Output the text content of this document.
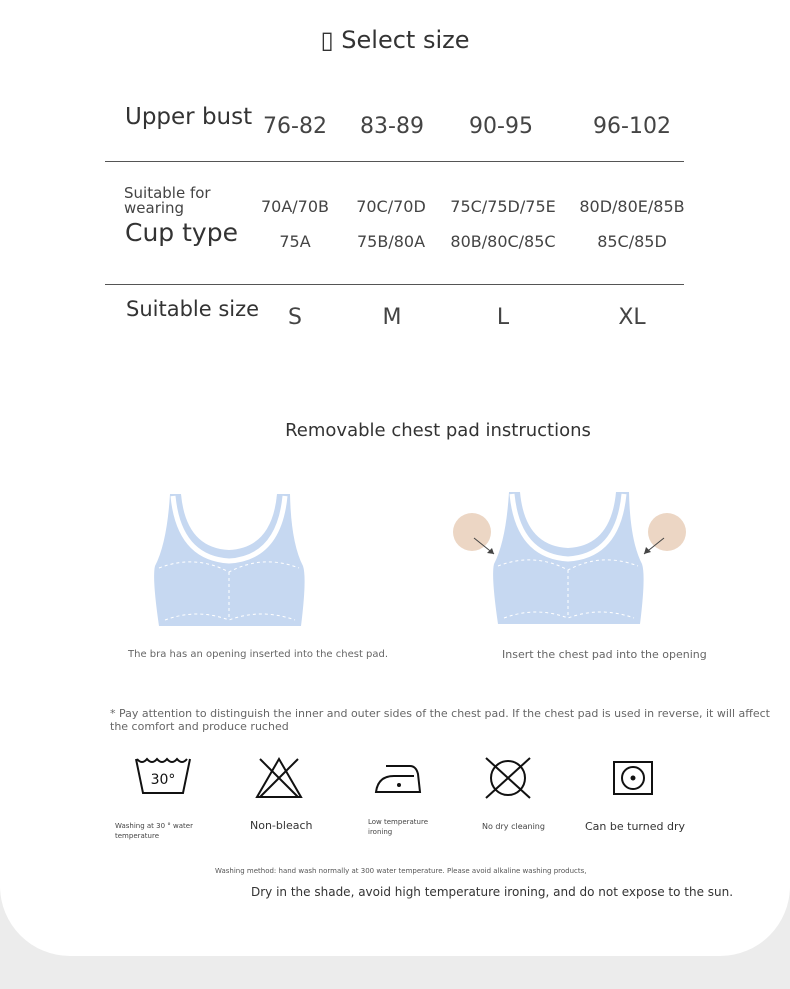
▯ Select size
Upper bust 76-82	83-89	90-95	96-102
Suitable for
wearing
Cup type
70A/70B	70C/70D	75C/75D/75E	80D/80E/85B
75A	75B/80A	80B/80C/85C	85C/85D
Suitable size	S	M	L	XL
Removable chest pad instructions
The bra has an opening inserted into the chest pad.	Insert the chest pad into the opening
* Pay attention to distinguish the inner and outer sides of the chest pad. If the chest pad is used in reverse, it will affect the comfort and produce ruched
30°
Washing at 30 ° water temperature
Non-bleach	Low temperature ironing
No dry cleaning	Can be turned dry
Washing method: hand wash normally at 300 water temperature. Please avoid alkaline washing products,
Dry in the shade, avoid high temperature ironing, and do not expose to the sun.
